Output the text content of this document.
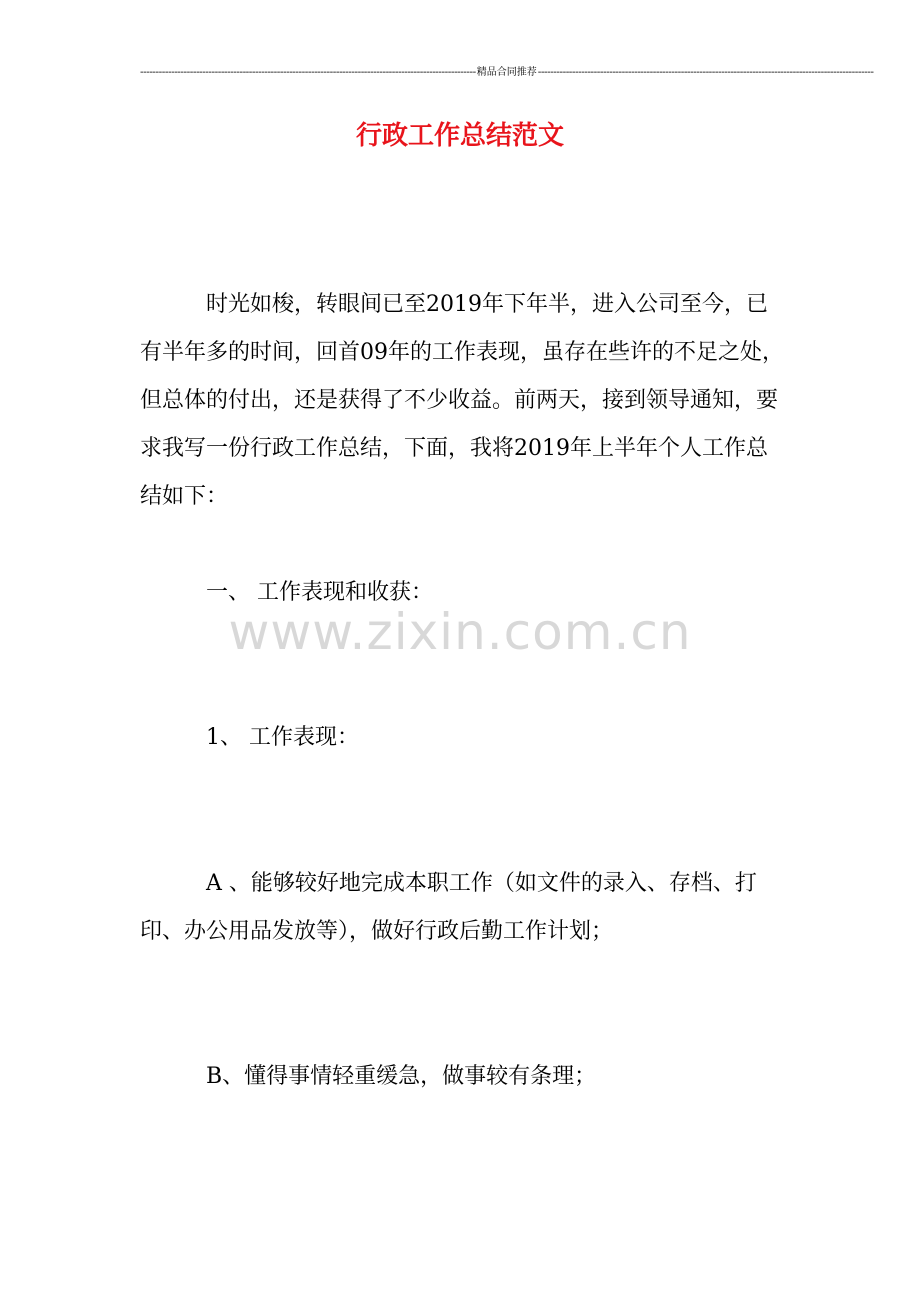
------------------------------------------------------------------------------------------------------------ 精品合同推荐 ------------------------------------------------------------------------------------------------------------
行政工作总结范文

时光如梭，转眼间已至2019年下年半，进入公司至今，已有半年多的时间，回首09年的工作表现，虽存在些许的不足之处，但总体的付出，还是获得了不少收益。前两天，接到领导通知，要求我写一份行政工作总结，下面，我将2019年上半年个人工作总结如下：

一、 工作表现和收获：

www.zixin.com.cn

1、 工作表现：

A 、能够较好地完成本职工作（如文件的录入、存档、打印、办公用品发放等），做好行政后勤工作计划；

B、懂得事情轻重缓急，做事较有条理；
